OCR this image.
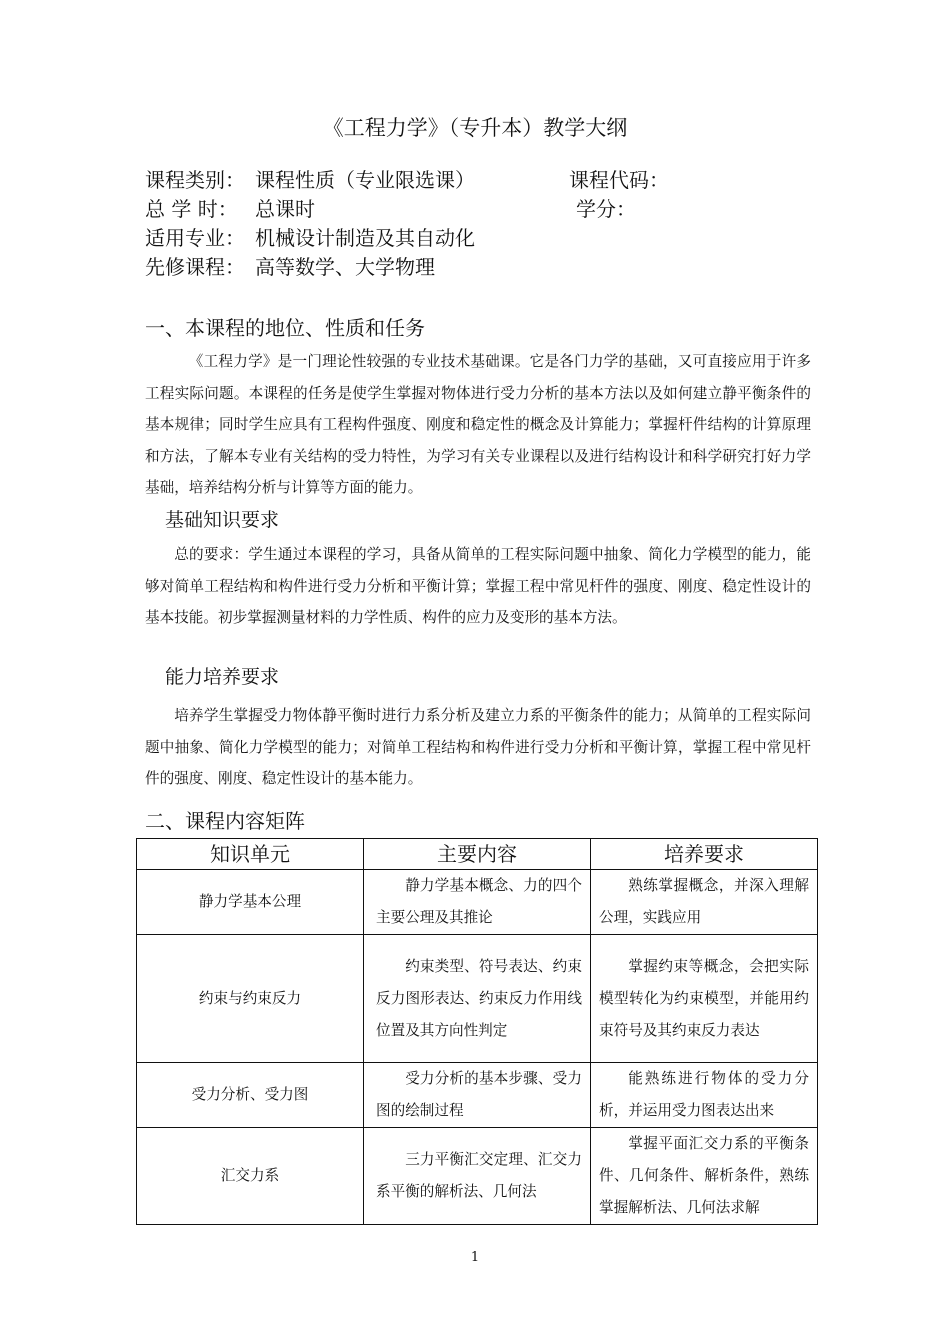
《工程力学》（专升本）教学大纲
课程类别： 课程性质（专业限选课）	课程代码：
总 学 时： 总课时	学分：
适用专业： 机械设计制造及其自动化
先修课程： 高等数学、大学物理
一、本课程的地位、性质和任务
《工程力学》是一门理论性较强的专业技术基础课。它是各门力学的基础，又可直接应用于许多工程实际问题。本课程的任务是使学生掌握对物体进行受力分析的基本方法以及如何建立静平衡条件的基本规律；同时学生应具有工程构件强度、刚度和稳定性的概念及计算能力；掌握杆件结构的计算原理和方法，了解本专业有关结构的受力特性，为学习有关专业课程以及进行结构设计和科学研究打好力学基础，培养结构分析与计算等方面的能力。
基础知识要求
总的要求：学生通过本课程的学习，具备从简单的工程实际问题中抽象、简化力学模型的能力，能够对简单工程结构和构件进行受力分析和平衡计算；掌握工程中常见杆件的强度、刚度、稳定性设计的基本技能。初步掌握测量材料的力学性质、构件的应力及变形的基本方法。
能力培养要求
培养学生掌握受力物体静平衡时进行力系分析及建立力系的平衡条件的能力；从简单的工程实际问题中抽象、简化力学模型的能力；对简单工程结构和构件进行受力分析和平衡计算，掌握工程中常见杆件的强度、刚度、稳定性设计的基本能力。
二、课程内容矩阵
知识单元	主要内容	培养要求
静力学基本公理	静力学基本概念、力的四个主要公理及其推论	熟练掌握概念，并深入理解公理，实践应用
约束与约束反力	约束类型、符号表达、约束反力图形表达、约束反力作用线位置及其方向性判定	掌握约束等概念，会把实际模型转化为约束模型，并能用约束符号及其约束反力表达
受力分析、受力图	受力分析的基本步骤、受力图的绘制过程	能熟练进行物体的受力分析，并运用受力图表达出来
汇交力系	三力平衡汇交定理、汇交力系平衡的解析法、几何法	掌握平面汇交力系的平衡条件、几何条件、解析条件，熟练掌握解析法、几何法求解
1
